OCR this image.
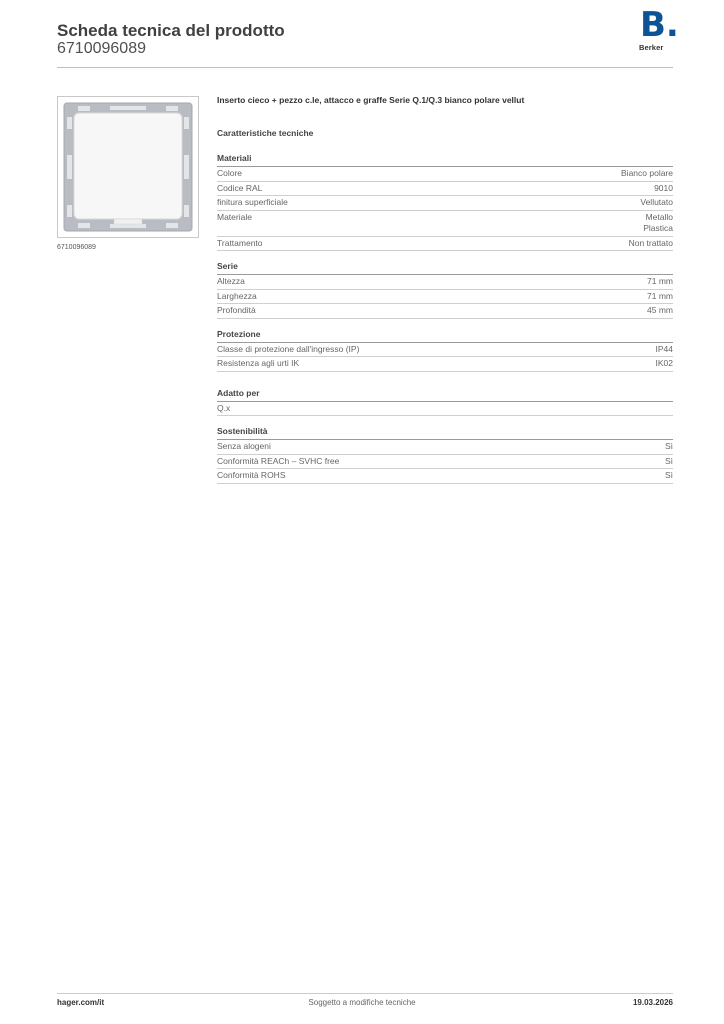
Scheda tecnica del prodotto
6710096089
B.
Berker
6710096089
Inserto cieco + pezzo c.le, attacco e graffe Serie Q.1/Q.3 bianco polare vellut
Caratteristiche tecniche
Materiali
Colore	Bianco polare
Codice RAL	9010
finitura superficiale	Vellutato
Materiale	Metallo
Plastica
Trattamento	Non trattato
Serie
Altezza	71 mm
Larghezza	71 mm
Profondità	45 mm
Protezione
Classe di protezione dall'ingresso (IP)	IP44
Resistenza agli urti IK	IK02
Adatto per
Q.x
Sostenibilità
Senza alogeni	Sì
Conformità REACh – SVHC free	Sì
Conformità ROHS	Sì
hager.com/it	Soggetto a modifiche tecniche	19.03.2026
